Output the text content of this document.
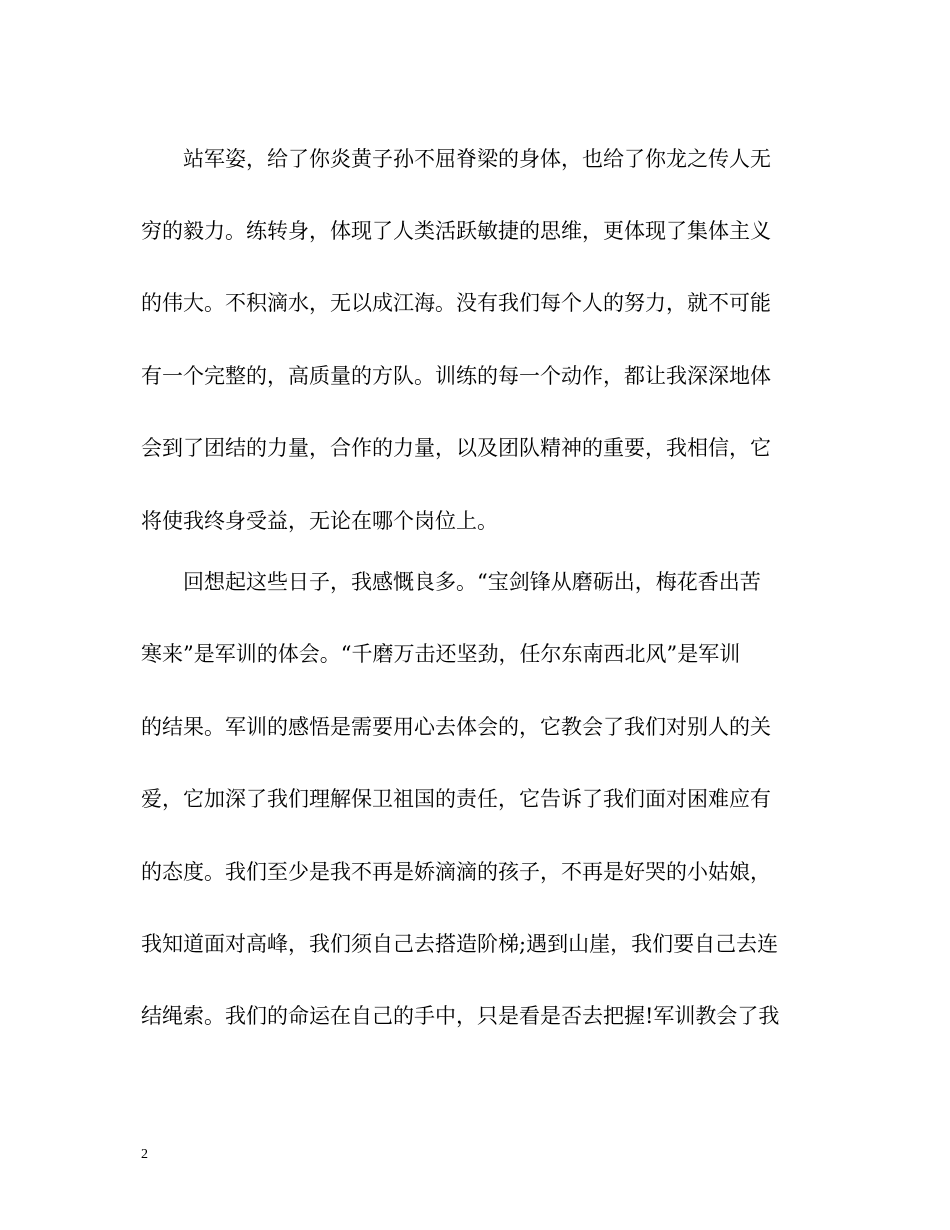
站军姿，给了你炎黄子孙不屈脊梁的身体，也给了你龙之传人无
穷的毅力。练转身，体现了人类活跃敏捷的思维，更体现了集体主义
的伟大。不积滴水，无以成江海。没有我们每个人的努力，就不可能
有一个完整的，高质量的方队。训练的每一个动作，都让我深深地体
会到了团结的力量，合作的力量，以及团队精神的重要，我相信，它
将使我终身受益，无论在哪个岗位上。
回想起这些日子，我感慨良多。“宝剑锋从磨砺出，梅花香出苦
寒来”是军训的体会。“千磨万击还坚劲，任尔东南西北风”是军训
的结果。军训的感悟是需要用心去体会的，它教会了我们对别人的关
爱，它加深了我们理解保卫祖国的责任，它告诉了我们面对困难应有
的态度。我们至少是我不再是娇滴滴的孩子，不再是好哭的小姑娘，
我知道面对高峰，我们须自己去搭造阶梯;遇到山崖，我们要自己去连
结绳索。我们的命运在自己的手中，只是看是否去把握!军训教会了我
2
